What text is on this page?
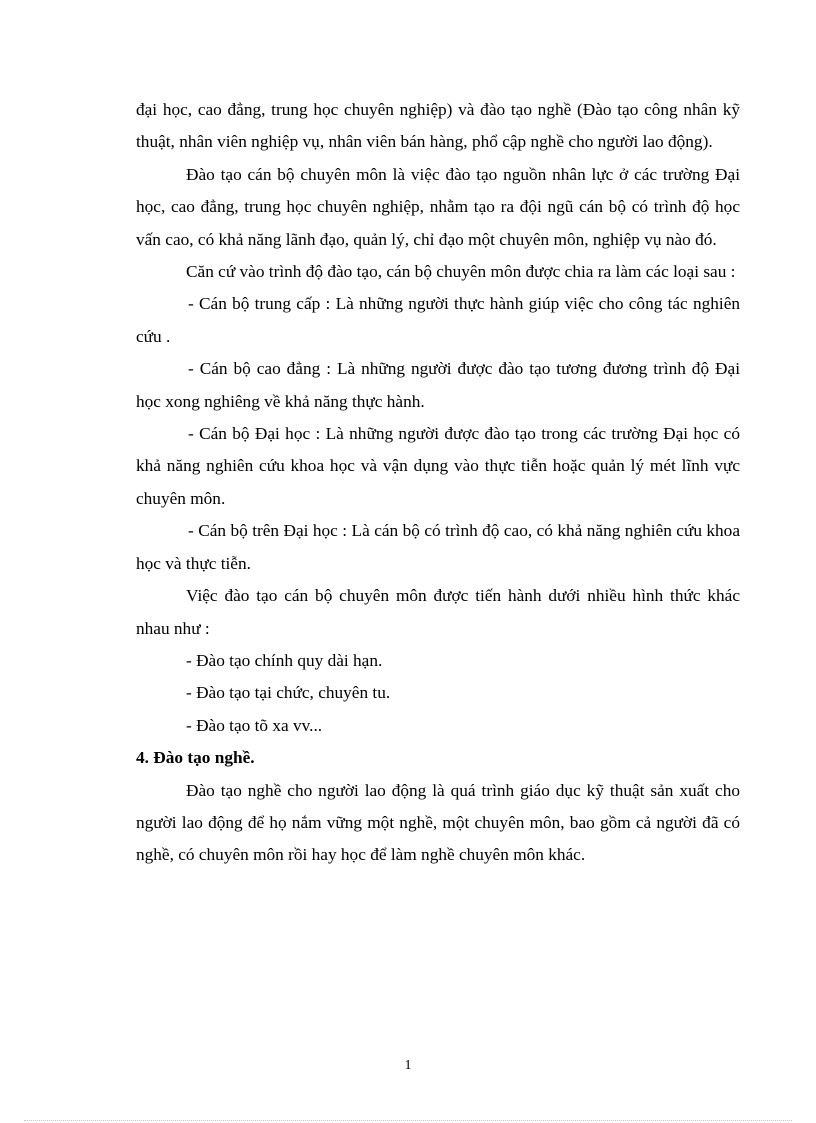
đại học, cao đẳng, trung học chuyên nghiệp) và đào tạo nghề (Đào tạo công nhân kỹ thuật, nhân viên nghiệp vụ, nhân viên bán hàng, phổ cập nghề cho người lao động).

Đào tạo cán bộ chuyên môn là việc đào tạo nguồn nhân lực ở các trường Đại học, cao đẳng, trung học chuyên nghiệp, nhằm tạo ra đội ngũ cán bộ có trình độ học vấn cao, có khả năng lãnh đạo, quản lý, chỉ đạo một chuyên môn, nghiệp vụ nào đó.

Căn cứ vào trình độ đào tạo, cán bộ chuyên môn được chia ra làm các loại sau :

- Cán bộ trung cấp : Là những người thực hành giúp việc cho công tác nghiên cứu .

- Cán bộ cao đẳng : Là những người được đào tạo tương đương trình độ Đại học xong nghiêng về khả năng thực hành.

- Cán bộ Đại học : Là những người được đào tạo trong các trường Đại học có khả năng nghiên cứu khoa học và vận dụng vào thực tiễn hoặc quản lý mét lĩnh vực chuyên môn.

- Cán bộ trên Đại học : Là cán bộ có trình độ cao, có khả năng nghiên cứu khoa học và thực tiễn.

Việc đào tạo cán bộ chuyên môn được tiến hành dưới nhiều hình thức khác nhau như :

- Đào tạo chính quy dài hạn.

- Đào tạo tại chức, chuyên tu.

- Đào tạo tõ xa vv...

4. Đào tạo nghề.

Đào tạo nghề cho người lao động là quá trình giáo dục kỹ thuật sản xuất cho người lao động để họ nắm vững một nghề, một chuyên môn, bao gồm cả người đã có nghề, có chuyên môn rồi hay học để làm nghề chuyên môn khác.

1
